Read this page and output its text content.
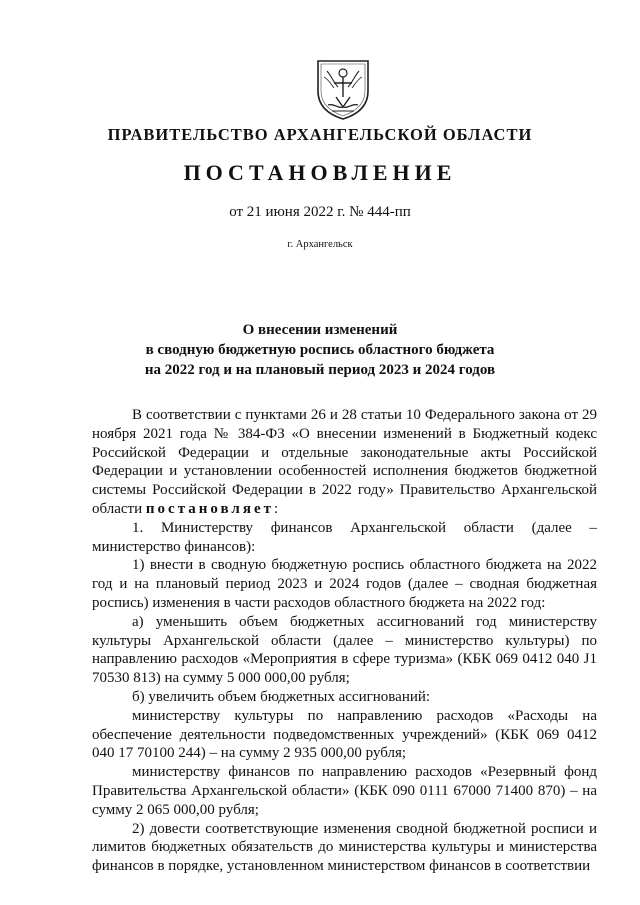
ПРАВИТЕЛЬСТВО АРХАНГЕЛЬСКОЙ ОБЛАСТИ
ПОСТАНОВЛЕНИЕ
от 21 июня 2022 г. № 444-пп
г. Архангельск
О внесении изменений
в сводную бюджетную роспись областного бюджета
на 2022 год и на плановый период 2023 и 2024 годов

В соответствии с пунктами 26 и 28 статьи 10 Федерального закона от 29 ноября 2021 года № 384-ФЗ «О внесении изменений в Бюджетный кодекс Российской Федерации и отдельные законодательные акты Российской Федерации и установлении особенностей исполнения бюджетов бюджетной системы Российской Федерации в 2022 году» Правительство Архангельской области постановляет:

1. Министерству финансов Архангельской области (далее – министерство финансов):

1) внести в сводную бюджетную роспись областного бюджета на 2022 год и на плановый период 2023 и 2024 годов (далее – сводная бюджетная роспись) изменения в части расходов областного бюджета на 2022 год:

а) уменьшить объем бюджетных ассигнований год министерству культуры Архангельской области (далее – министерство культуры) по направлению расходов «Мероприятия в сфере туризма» (КБК 069 0412 040 J1 70530 813) на сумму 5 000 000,00 рубля;

б) увеличить объем бюджетных ассигнований:

министерству культуры по направлению расходов «Расходы на обеспечение деятельности подведомственных учреждений» (КБК 069 0412 040 17 70100 244) – на сумму 2 935 000,00 рубля;

министерству финансов по направлению расходов «Резервный фонд Правительства Архангельской области» (КБК 090 0111 67000 71400 870) – на сумму 2 065 000,00 рубля;

2) довести соответствующие изменения сводной бюджетной росписи и лимитов бюджетных обязательств до министерства культуры и министерства финансов в порядке, установленном министерством финансов в соответствии
